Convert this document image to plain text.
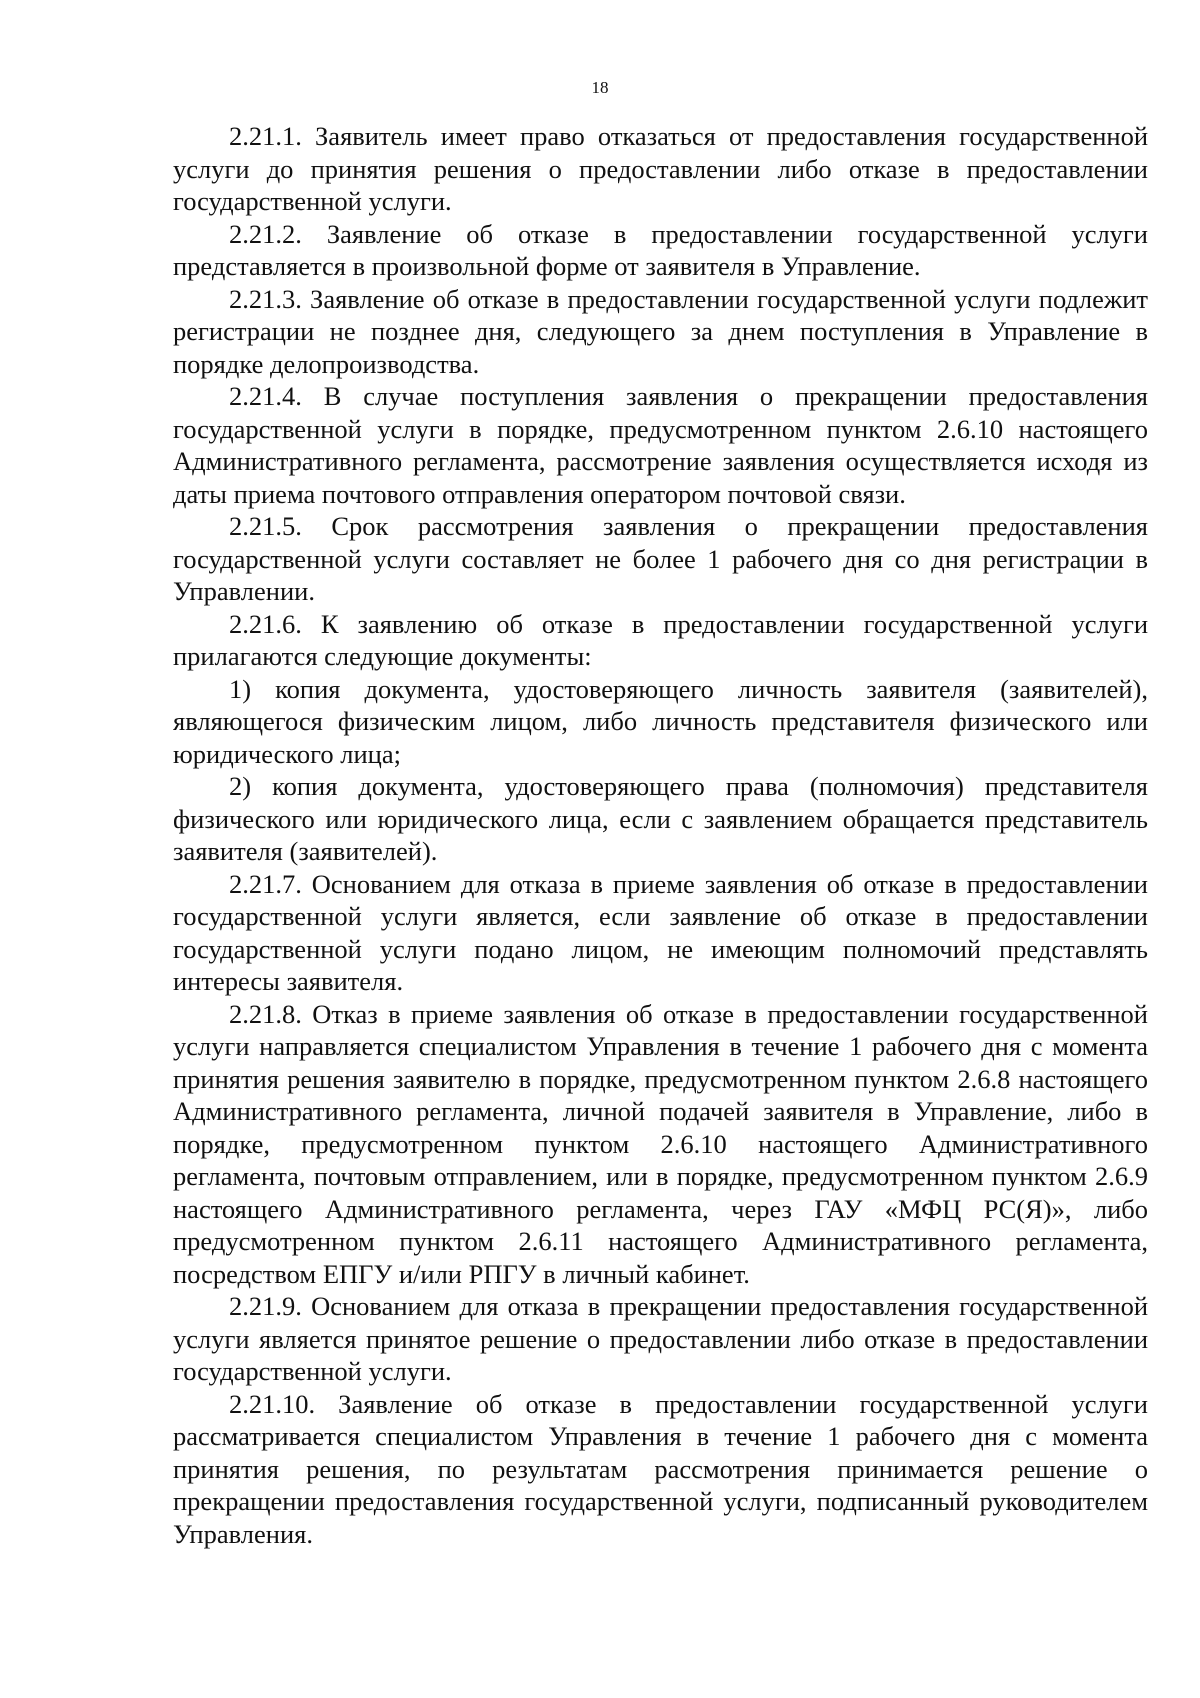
18

2.21.1. Заявитель имеет право отказаться от предоставления государственной услуги до принятия решения о предоставлении либо отказе в предоставлении государственной услуги.

2.21.2. Заявление об отказе в предоставлении государственной услуги представляется в произвольной форме от заявителя в Управление.

2.21.3. Заявление об отказе в предоставлении государственной услуги подлежит регистрации не позднее дня, следующего за днем поступления в Управление в порядке делопроизводства.

2.21.4. В случае поступления заявления о прекращении предоставления государственной услуги в порядке, предусмотренном пунктом 2.6.10 настоящего Административного регламента, рассмотрение заявления осуществляется исходя из даты приема почтового отправления оператором почтовой связи.

2.21.5. Срок рассмотрения заявления о прекращении предоставления государственной услуги составляет не более 1 рабочего дня со дня регистрации в Управлении.

2.21.6. К заявлению об отказе в предоставлении государственной услуги прилагаются следующие документы:

1) копия документа, удостоверяющего личность заявителя (заявителей), являющегося физическим лицом, либо личность представителя физического или юридического лица;

2) копия документа, удостоверяющего права (полномочия) представителя физического или юридического лица, если с заявлением обращается представитель заявителя (заявителей).

2.21.7. Основанием для отказа в приеме заявления об отказе в предоставлении государственной услуги является, если заявление об отказе в предоставлении государственной услуги подано лицом, не имеющим полномочий представлять интересы заявителя.

2.21.8. Отказ в приеме заявления об отказе в предоставлении государственной услуги направляется специалистом Управления в течение 1 рабочего дня с момента принятия решения заявителю в порядке, предусмотренном пунктом 2.6.8 настоящего Административного регламента, личной подачей заявителя в Управление, либо в порядке, предусмотренном пунктом 2.6.10 настоящего Административного регламента, почтовым отправлением, или в порядке, предусмотренном пунктом 2.6.9 настоящего Административного регламента, через ГАУ «МФЦ РС(Я)», либо предусмотренном пунктом 2.6.11 настоящего Административного регламента, посредством ЕПГУ и/или РПГУ в личный кабинет.

2.21.9. Основанием для отказа в прекращении предоставления государственной услуги является принятое решение о предоставлении либо отказе в предоставлении государственной услуги.

2.21.10. Заявление об отказе в предоставлении государственной услуги рассматривается специалистом Управления в течение 1 рабочего дня с момента принятия решения, по результатам рассмотрения принимается решение о прекращении предоставления государственной услуги, подписанный руководителем Управления.
